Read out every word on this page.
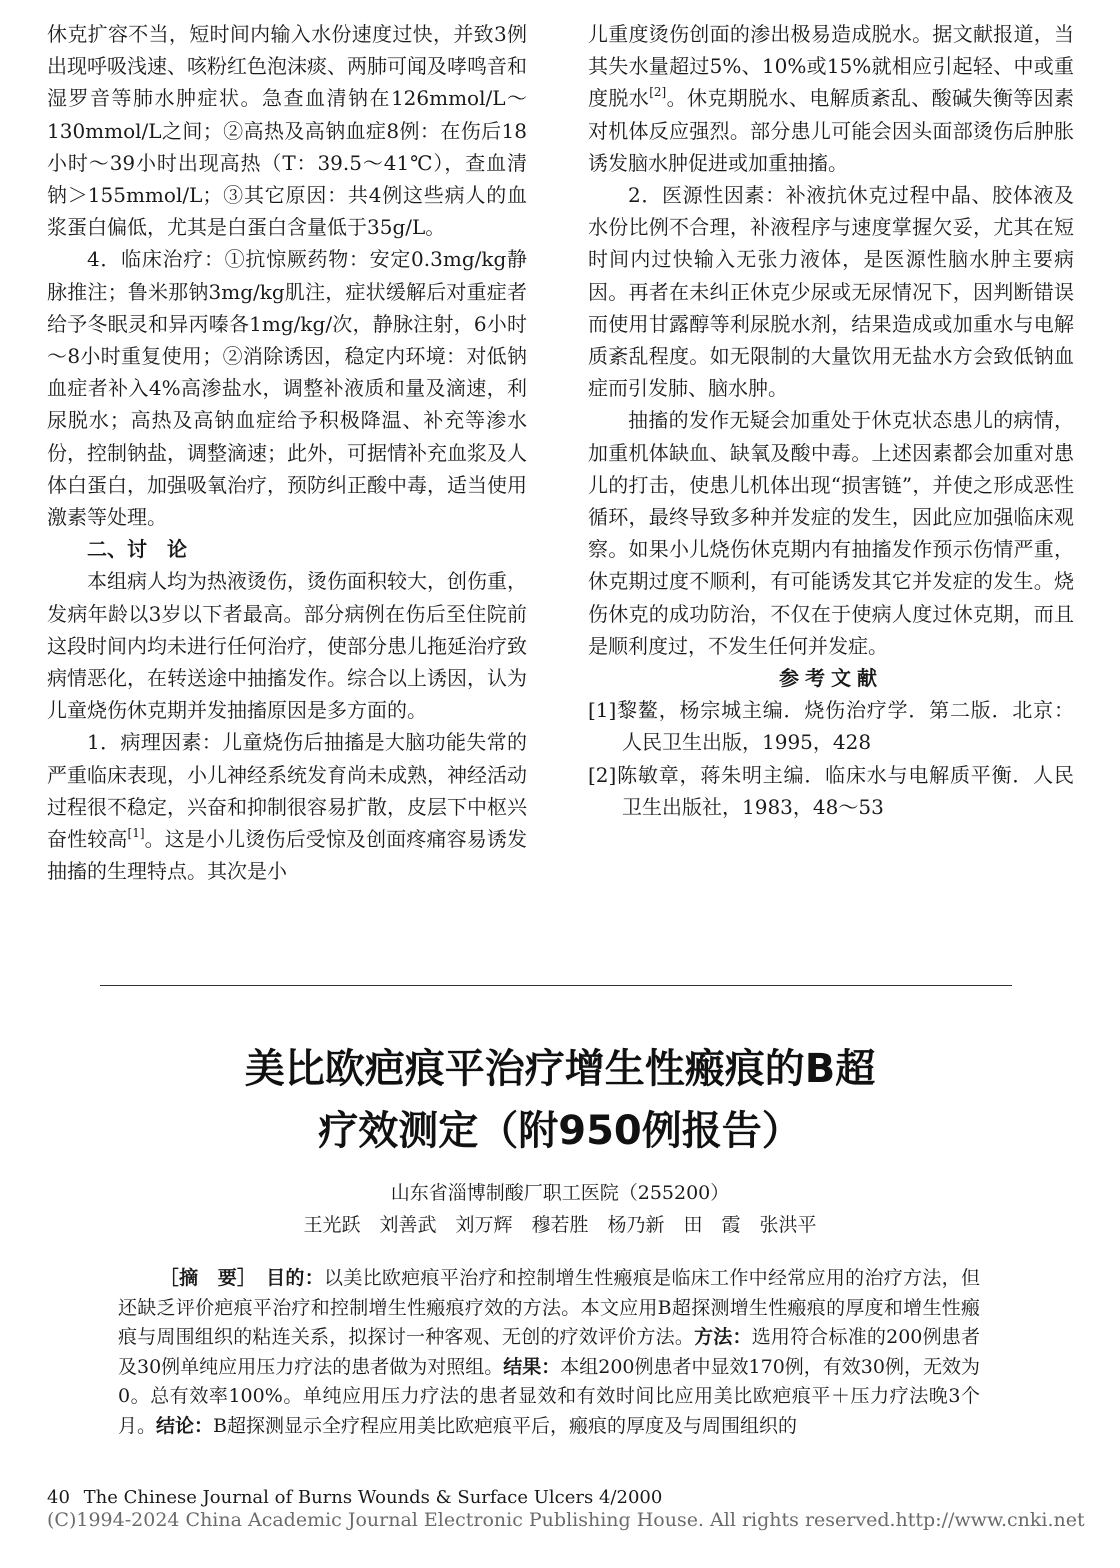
休克扩容不当，短时间内输入水份速度过快，并致3例出现呼吸浅速、咳粉红色泡沫痰、两肺可闻及哮鸣音和湿罗音等肺水肿症状。急查血清钠在126mmol/L～130mmol/L之间；②高热及高钠血症8例：在伤后18小时～39小时出现高热（T：39.5～41℃），查血清钠＞155mmol/L；③其它原因：共4例这些病人的血浆蛋白偏低，尤其是白蛋白含量低于35g/L。

4．临床治疗：①抗惊厥药物：安定0.3mg/kg静脉推注；鲁米那钠3mg/kg肌注，症状缓解后对重症者给予冬眠灵和异丙嗪各1mg/kg/次，静脉注射，6小时～8小时重复使用；②消除诱因，稳定内环境：对低钠血症者补入4%高渗盐水，调整补液质和量及滴速，利尿脱水；高热及高钠血症给予积极降温、补充等渗水份，控制钠盐，调整滴速；此外，可据情补充血浆及人体白蛋白，加强吸氧治疗，预防纠正酸中毒，适当使用激素等处理。

二、讨　论

本组病人均为热液烫伤，烫伤面积较大，创伤重，发病年龄以3岁以下者最高。部分病例在伤后至住院前这段时间内均未进行任何治疗，使部分患儿拖延治疗致病情恶化，在转送途中抽搐发作。综合以上诱因，认为儿童烧伤休克期并发抽搐原因是多方面的。

1．病理因素：儿童烧伤后抽搐是大脑功能失常的严重临床表现，小儿神经系统发育尚未成熟，神经活动过程很不稳定，兴奋和抑制很容易扩散，皮层下中枢兴奋性较高[1]。这是小儿烫伤后受惊及创面疼痛容易诱发抽搐的生理特点。其次是小

儿重度烫伤创面的渗出极易造成脱水。据文献报道，当其失水量超过5%、10%或15%就相应引起轻、中或重度脱水[2]。休克期脱水、电解质紊乱、酸碱失衡等因素对机体反应强烈。部分患儿可能会因头面部烫伤后肿胀诱发脑水肿促进或加重抽搐。

2．医源性因素：补液抗休克过程中晶、胶体液及水份比例不合理，补液程序与速度掌握欠妥，尤其在短时间内过快输入无张力液体，是医源性脑水肿主要病因。再者在未纠正休克少尿或无尿情况下，因判断错误而使用甘露醇等利尿脱水剂，结果造成或加重水与电解质紊乱程度。如无限制的大量饮用无盐水方会致低钠血症而引发肺、脑水肿。

抽搐的发作无疑会加重处于休克状态患儿的病情，加重机体缺血、缺氧及酸中毒。上述因素都会加重对患儿的打击，使患儿机体出现“损害链”，并使之形成恶性循环，最终导致多种并发症的发生，因此应加强临床观察。如果小儿烧伤休克期内有抽搐发作预示伤情严重，休克期过度不顺利，有可能诱发其它并发症的发生。烧伤休克的成功防治，不仅在于使病人度过休克期，而且是顺利度过，不发生任何并发症。

参考文献

[1]黎鳌，杨宗城主编．烧伤治疗学．第二版．北京：人民卫生出版，1995，428

[2]陈敏章，蒋朱明主编．临床水与电解质平衡．人民卫生出版社，1983，48～53

美比欧疤痕平治疗增生性瘢痕的B超
疗效测定（附950例报告）
山东省淄博制酸厂职工医院（255200）
王光跃　刘善武　刘万辉　穆若胜　杨乃新　田　霞　张洪平

［摘　要］　 目的：以美比欧疤痕平治疗和控制增生性瘢痕是临床工作中经常应用的治疗方法，但还缺乏评价疤痕平治疗和控制增生性瘢痕疗效的方法。本文应用B超探测增生性瘢痕的厚度和增生性瘢痕与周围组织的粘连关系，拟探讨一种客观、无创的疗效评价方法。方法：选用符合标准的200例患者及30例单纯应用压力疗法的患者做为对照组。结果：本组200例患者中显效170例，有效30例，无效为0。总有效率100%。单纯应用压力疗法的患者显效和有效时间比应用美比欧疤痕平＋压力疗法晚3个月。结论：B超探测显示全疗程应用美比欧疤痕平后，瘢痕的厚度及与周围组织的

40 The Chinese Journal of Burns Wounds & Surface Ulcers 4/2000
(C)1994-2024 China Academic Journal Electronic Publishing House. All rights reserved. http://www.cnki.net
